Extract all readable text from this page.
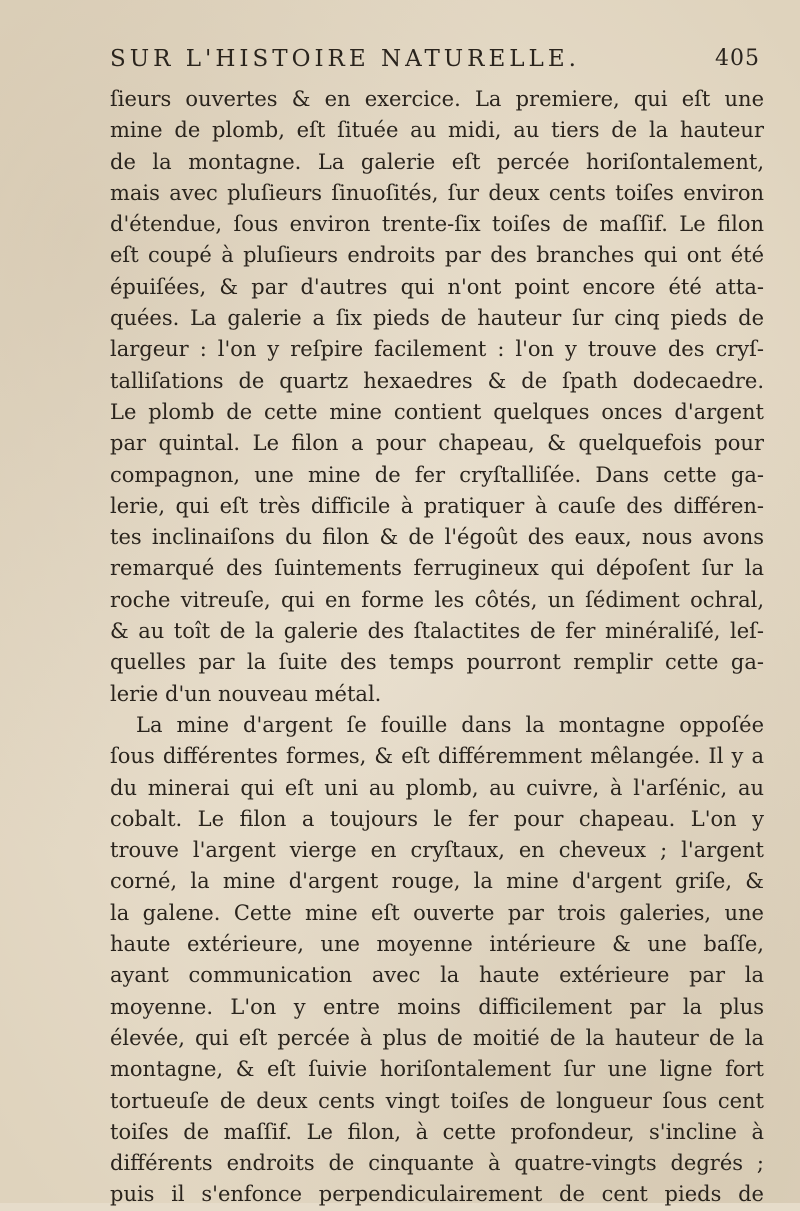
SUR L'HISTOIRE NATURELLE.	405
ſieurs ouvertes & en exercice. La premiere, qui eſt une
mine de plomb, eſt ſituée au midi, au tiers de la hauteur
de la montagne. La galerie eſt percée horiſontalement,
mais avec pluſieurs ſinuoſités, ſur deux cents toiſes environ
d'étendue, ſous environ trente-ſix toiſes de maſſif. Le filon
eſt coupé à pluſieurs endroits par des branches qui ont été
épuiſées, & par d'autres qui n'ont point encore été atta-
quées. La galerie a ſix pieds de hauteur ſur cinq pieds de
largeur : l'on y reſpire facilement : l'on y trouve des cryſ-
talliſations de quartz hexaedres & de ſpath dodecaedre.
Le plomb de cette mine contient quelques onces d'argent
par quintal. Le filon a pour chapeau, & quelquefois pour
compagnon, une mine de fer cryſtalliſée. Dans cette ga-
lerie, qui eſt très difficile à pratiquer à cauſe des différen-
tes inclinaiſons du filon & de l'égoût des eaux, nous avons
remarqué des ſuintements ferrugineux qui dépoſent ſur la
roche vitreuſe, qui en forme les côtés, un ſédiment ochral,
& au toît de la galerie des ſtalactites de fer minéraliſé, leſ-
quelles par la ſuite des temps pourront remplir cette ga-
lerie d'un nouveau métal.
La mine d'argent ſe fouille dans la montagne oppoſée
ſous différentes formes, & eſt différemment mêlangée. Il y a
du minerai qui eſt uni au plomb, au cuivre, à l'arſénic, au
cobalt. Le filon a toujours le fer pour chapeau. L'on y
trouve l'argent vierge en cryſtaux, en cheveux ; l'argent
corné, la mine d'argent rouge, la mine d'argent griſe, &
la galene. Cette mine eſt ouverte par trois galeries, une
haute extérieure, une moyenne intérieure & une baſſe,
ayant communication avec la haute extérieure par la
moyenne. L'on y entre moins difficilement par la plus
élevée, qui eſt percée à plus de moitié de la hauteur de la
montagne, & eſt ſuivie horiſontalement ſur une ligne fort
tortueuſe de deux cents vingt toiſes de longueur ſous cent
toiſes de maſſif. Le filon, à cette profondeur, s'incline à
différents endroits de cinquante à quatre-vingts degrés ;
puis il s'enfonce perpendiculairement de cent pieds de
